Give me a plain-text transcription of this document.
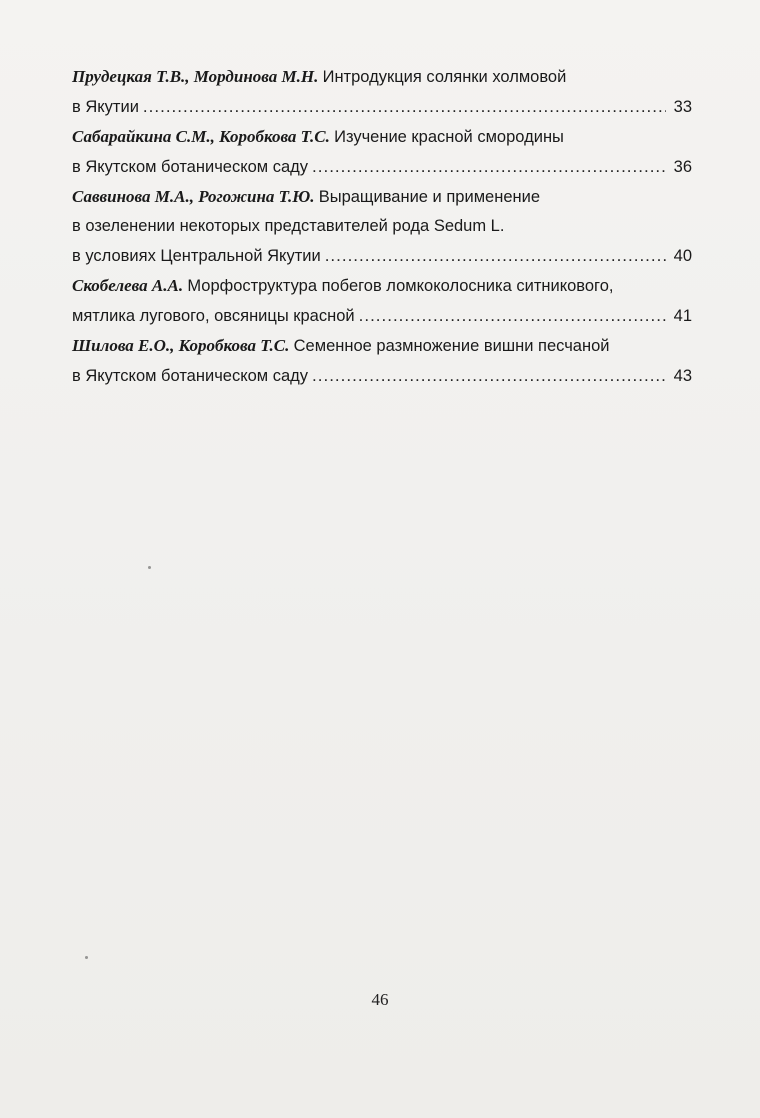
Прудецкая Т.В., Мординова М.Н.
Интродукция солянки холмовой
в Якутии .....	33
Сабарайкина С.М., Коробкова Т.С.
Изучение красной смородины
в Якутском ботаническом саду .....	36
Саввинова М.А., Рогожина Т.Ю.
Выращивание и применение
в озеленении некоторых представителей рода Sedum L.
в условиях Центральной Якутии .....	40
Скобелева А.А.
Морфоструктура побегов ломкоколосника ситникового,
мятлика лугового, овсяницы красной .....	41
Шилова Е.О., Коробкова Т.С.
Семенное размножение вишни песчаной
в Якутском ботаническом саду .....	43
46
